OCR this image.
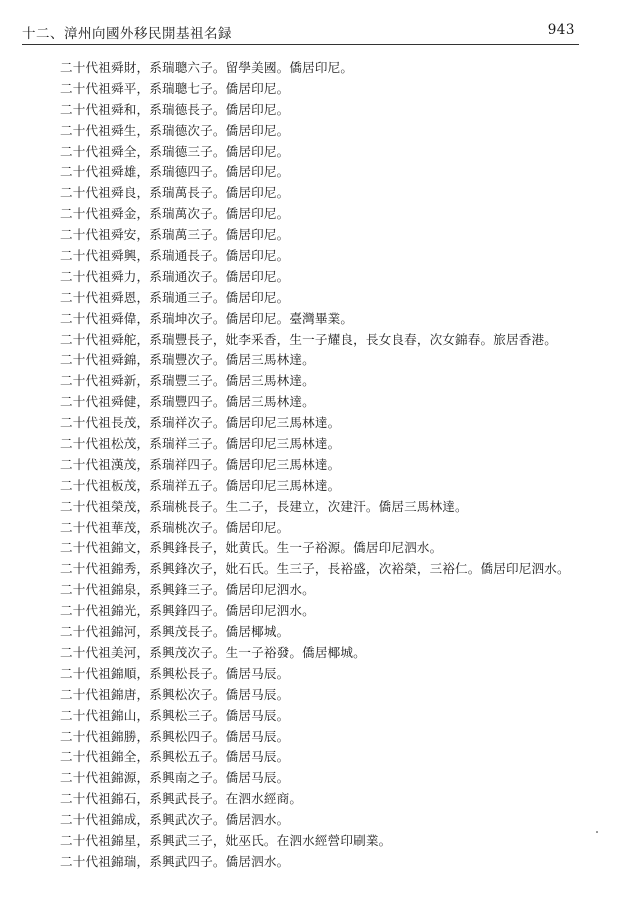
十二、漳州向國外移民開基祖名録	943
二十代祖舜財，系瑞聰六子。留學美國。僑居印尼。
二十代祖舜平，系瑞聰七子。僑居印尼。
二十代祖舜和，系瑞德長子。僑居印尼。
二十代祖舜生，系瑞德次子。僑居印尼。
二十代祖舜全，系瑞德三子。僑居印尼。
二十代祖舜雄，系瑞德四子。僑居印尼。
二十代祖舜良，系瑞萬長子。僑居印尼。
二十代祖舜金，系瑞萬次子。僑居印尼。
二十代祖舜安，系瑞萬三子。僑居印尼。
二十代祖舜興，系瑞通長子。僑居印尼。
二十代祖舜力，系瑞通次子。僑居印尼。
二十代祖舜恩，系瑞通三子。僑居印尼。
二十代祖舜偉，系瑞坤次子。僑居印尼。臺灣畢業。
二十代祖舜舵，系瑞豐長子，妣李釆香，生一子耀良，長女良春，次女錦春。旅居香港。
二十代祖舜錦，系瑞豐次子。僑居三馬林達。
二十代祖舜新，系瑞豐三子。僑居三馬林達。
二十代祖舜健，系瑞豐四子。僑居三馬林達。
二十代祖長茂，系瑞祥次子。僑居印尼三馬林達。
二十代祖松茂，系瑞祥三子。僑居印尼三馬林達。
二十代祖漢茂，系瑞祥四子。僑居印尼三馬林達。
二十代祖板茂，系瑞祥五子。僑居印尼三馬林達。
二十代祖榮茂，系瑞桃長子。生二子，長建立，次建汗。僑居三馬林達。
二十代祖華茂，系瑞桃次子。僑居印尼。
二十代祖錦文，系興鋒長子，妣黄氏。生一子裕源。僑居印尼泗水。
二十代祖錦秀，系興鋒次子，妣石氏。生三子，長裕盛，次裕榮，三裕仁。僑居印尼泗水。
二十代祖錦泉，系興鋒三子。僑居印尼泗水。
二十代祖錦光，系興鋒四子。僑居印尼泗水。
二十代祖錦河，系興茂長子。僑居椰城。
二十代祖美河，系興茂次子。生一子裕發。僑居椰城。
二十代祖錦順，系興松長子。僑居马辰。
二十代祖錦唐，系興松次子。僑居马辰。
二十代祖錦山，系興松三子。僑居马辰。
二十代祖錦勝，系興松四子。僑居马辰。
二十代祖錦全，系興松五子。僑居马辰。
二十代祖錦源，系興南之子。僑居马辰。
二十代祖錦石，系興武長子。在泗水經商。
二十代祖錦成，系興武次子。僑居泗水。
二十代祖錦星，系興武三子，妣巫氏。在泗水經營印刷業。
二十代祖錦瑞，系興武四子。僑居泗水。
